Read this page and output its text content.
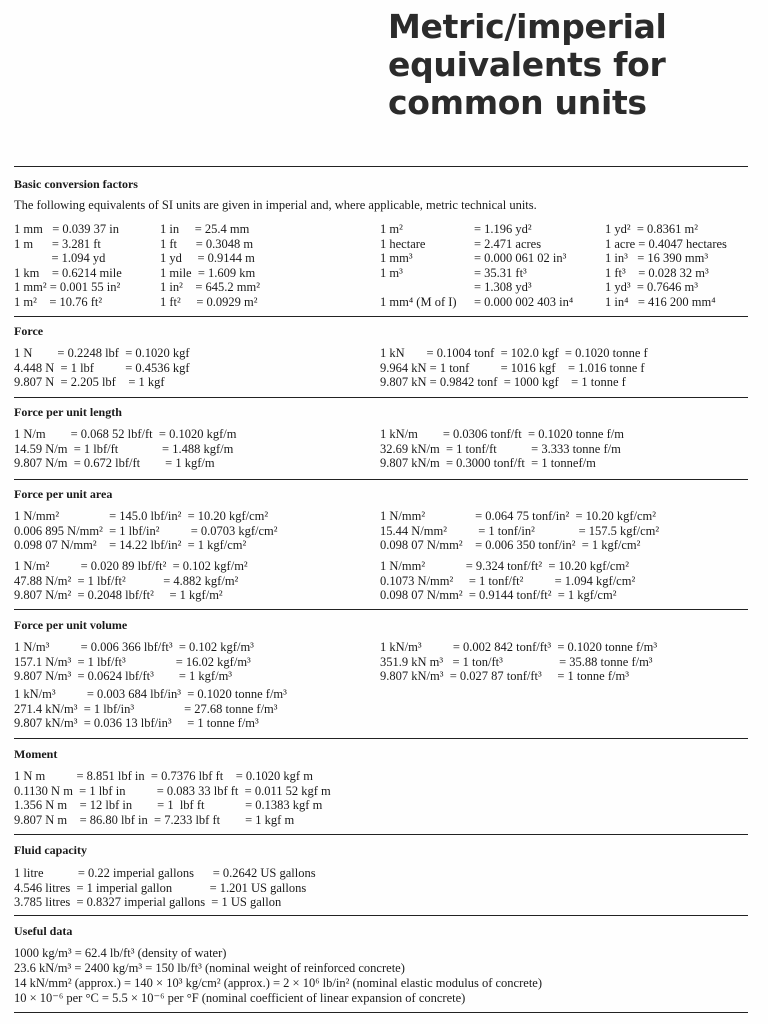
Metric/imperial
equivalents for
common units
Basic conversion factors
The following equivalents of SI units are given in imperial and, where applicable, metric technical units.
1 mm   = 0.039 37 in
1 m      = 3.281 ft
= 1.094 yd
1 km    = 0.6214 mile
1 mm² = 0.001 55 in²
1 m²    = 10.76 ft²
1 in     = 25.4 mm
1 ft      = 0.3048 m
1 yd     = 0.9144 m
1 mile  = 1.609 km
1 in²    = 645.2 mm²
1 ft²     = 0.0929 m²
1 m²
1 hectare
1 mm³
1 m³

1 mm⁴ (M of I)
= 1.196 yd²
= 2.471 acres
= 0.000 061 02 in³
= 35.31 ft³
= 1.308 yd³
= 0.000 002 403 in⁴
1 yd²  = 0.8361 m²
1 acre = 0.4047 hectares
1 in³   = 16 390 mm³
1 ft³    = 0.028 32 m³
1 yd³  = 0.7646 m³
1 in⁴   = 416 200 mm⁴
Force
1 N        = 0.2248 lbf  = 0.1020 kgf
4.448 N  = 1 lbf          = 0.4536 kgf
9.807 N  = 2.205 lbf    = 1 kgf
1 kN       = 0.1004 tonf  = 102.0 kgf  = 0.1020 tonne f
9.964 kN = 1 tonf          = 1016 kgf    = 1.016 tonne f
9.807 kN = 0.9842 tonf  = 1000 kgf    = 1 tonne f
Force per unit length
1 N/m        = 0.068 52 lbf/ft  = 0.1020 kgf/m
14.59 N/m  = 1 lbf/ft              = 1.488 kgf/m
9.807 N/m  = 0.672 lbf/ft        = 1 kgf/m
1 kN/m        = 0.0306 tonf/ft  = 0.1020 tonne f/m
32.69 kN/m  = 1 tonf/ft           = 3.333 tonne f/m
9.807 kN/m  = 0.3000 tonf/ft  = 1 tonnef/m
Force per unit area
1 N/mm²                = 145.0 lbf/in²  = 10.20 kgf/cm²
0.006 895 N/mm²  = 1 lbf/in²          = 0.0703 kgf/cm²
0.098 07 N/mm²    = 14.22 lbf/in²  = 1 kgf/cm²
1 N/mm²                = 0.064 75 tonf/in²  = 10.20 kgf/cm²
15.44 N/mm²          = 1 tonf/in²              = 157.5 kgf/cm²
0.098 07 N/mm²    = 0.006 350 tonf/in²  = 1 kgf/cm²
1 N/m²          = 0.020 89 lbf/ft²  = 0.102 kgf/m²
47.88 N/m²  = 1 lbf/ft²            = 4.882 kgf/m²
9.807 N/m²  = 0.2048 lbf/ft²     = 1 kgf/m²
1 N/mm²             = 9.324 tonf/ft²  = 10.20 kgf/cm²
0.1073 N/mm²     = 1 tonf/ft²          = 1.094 kgf/cm²
0.098 07 N/mm²  = 0.9144 tonf/ft²  = 1 kgf/cm²
Force per unit volume
1 N/m³          = 0.006 366 lbf/ft³  = 0.102 kgf/m³
157.1 N/m³  = 1 lbf/ft³                = 16.02 kgf/m³
9.807 N/m³  = 0.0624 lbf/ft³        = 1 kgf/m³
1 kN/m³          = 0.002 842 tonf/ft³  = 0.1020 tonne f/m³
351.9 kN m³   = 1 ton/ft³                  = 35.88 tonne f/m³
9.807 kN/m³  = 0.027 87 tonf/ft³     = 1 tonne f/m³
1 kN/m³          = 0.003 684 lbf/in³  = 0.1020 tonne f/m³
271.4 kN/m³  = 1 lbf/in³                = 27.68 tonne f/m³
9.807 kN/m³  = 0.036 13 lbf/in³     = 1 tonne f/m³
Moment
1 N m          = 8.851 lbf in  = 0.7376 lbf ft    = 0.1020 kgf m
0.1130 N m  = 1 lbf in          = 0.083 33 lbf ft  = 0.011 52 kgf m
1.356 N m    = 12 lbf in        = 1  lbf ft             = 0.1383 kgf m
9.807 N m    = 86.80 lbf in  = 7.233 lbf ft        = 1 kgf m
Fluid capacity
1 litre           = 0.22 imperial gallons      = 0.2642 US gallons
4.546 litres  = 1 imperial gallon            = 1.201 US gallons
3.785 litres  = 0.8327 imperial gallons  = 1 US gallon
Useful data
1000 kg/m³ = 62.4 lb/ft³ (density of water)
23.6 kN/m³ = 2400 kg/m³ = 150 lb/ft³ (nominal weight of reinforced concrete)
14 kN/mm² (approx.) = 140 × 10³ kg/cm² (approx.) = 2 × 10⁶ lb/in² (nominal elastic modulus of concrete)
10 × 10⁻⁶ per °C = 5.5 × 10⁻⁶ per °F (nominal coefficient of linear expansion of concrete)
